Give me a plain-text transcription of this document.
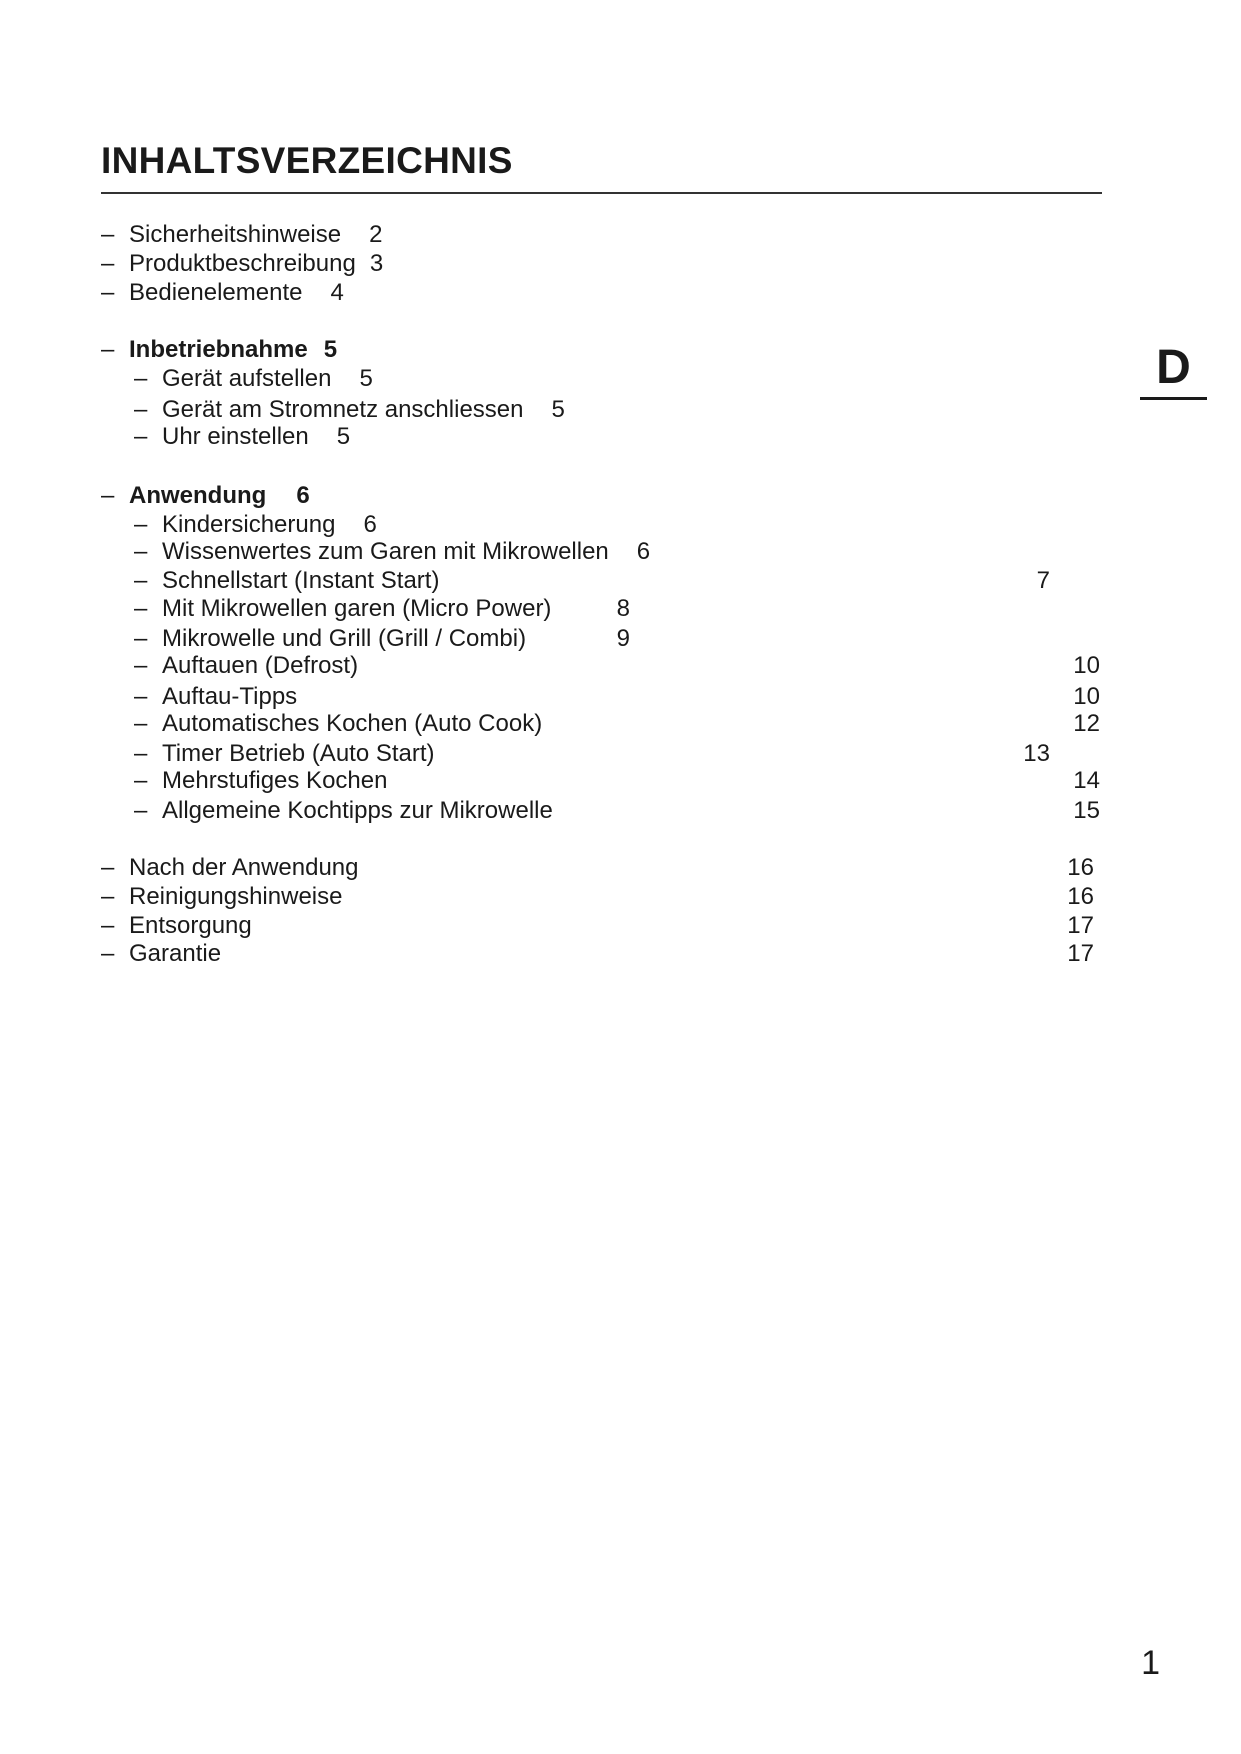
INHALTSVERZEICHNIS
D
– Sicherheitshinweise 2
– Produktbeschreibung 3
– Bedienelemente 4
– Inbetriebnahme 5
– Gerät aufstellen 5
– Gerät am Stromnetz anschliessen 5
– Uhr einstellen 5
– Anwendung 6
– Kindersicherung 6
– Wissenwertes zum Garen mit Mikrowellen 6
– Schnellstart (Instant Start)	7
– Mit Mikrowellen garen (Micro Power)	8
– Mikrowelle und Grill (Grill / Combi)	9
– Auftauen (Defrost)	10
– Auftau-Tipps	10
– Automatisches Kochen (Auto Cook)	12
– Timer Betrieb (Auto Start)	13
– Mehrstufiges Kochen	14
– Allgemeine Kochtipps zur Mikrowelle	15
– Nach der Anwendung	16
– Reinigungshinweise	16
– Entsorgung	17
– Garantie	17
1
